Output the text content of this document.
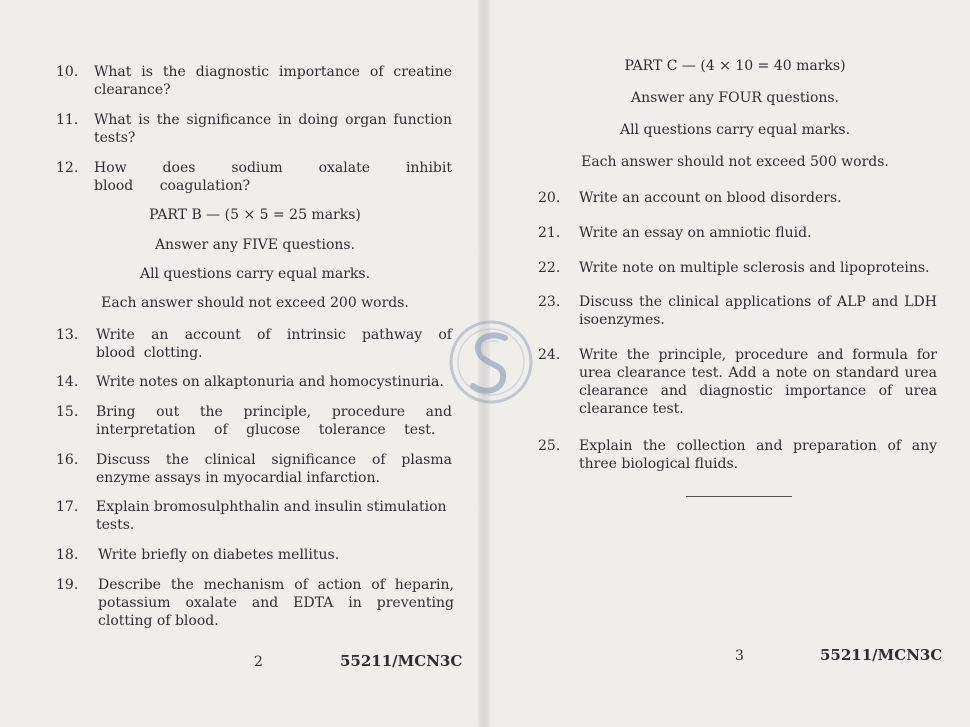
10. What is the diagnostic importance of creatine clearance?
11. What is the significance in doing organ function tests?
12. How does sodium oxalate inhibit blood coagulation?
PART B — (5 × 5 = 25 marks)
Answer any FIVE questions.
All questions carry equal marks.
Each answer should not exceed 200 words.
13. Write an account of intrinsic pathway of blood clotting.
14. Write notes on alkaptonuria and homocystinuria.
15. Bring out the principle, procedure and interpretation of glucose tolerance test.
16. Discuss the clinical significance of plasma enzyme assays in myocardial infarction.
17. Explain bromosulphthalin and insulin stimulation tests.
18. Write briefly on diabetes mellitus.
19. Describe the mechanism of action of heparin, potassium oxalate and EDTA in preventing clotting of blood.
2	55211/MCN3C
PART C — (4 × 10 = 40 marks)
Answer any FOUR questions.
All questions carry equal marks.
Each answer should not exceed 500 words.
20. Write an account on blood disorders.
21. Write an essay on amniotic fluid.
22. Write note on multiple sclerosis and lipoproteins.
23. Discuss the clinical applications of ALP and LDH isoenzymes.
24. Write the principle, procedure and formula for urea clearance test. Add a note on standard urea clearance and diagnostic importance of urea clearance test.
25. Explain the collection and preparation of any three biological fluids.
3	55211/MCN3C
